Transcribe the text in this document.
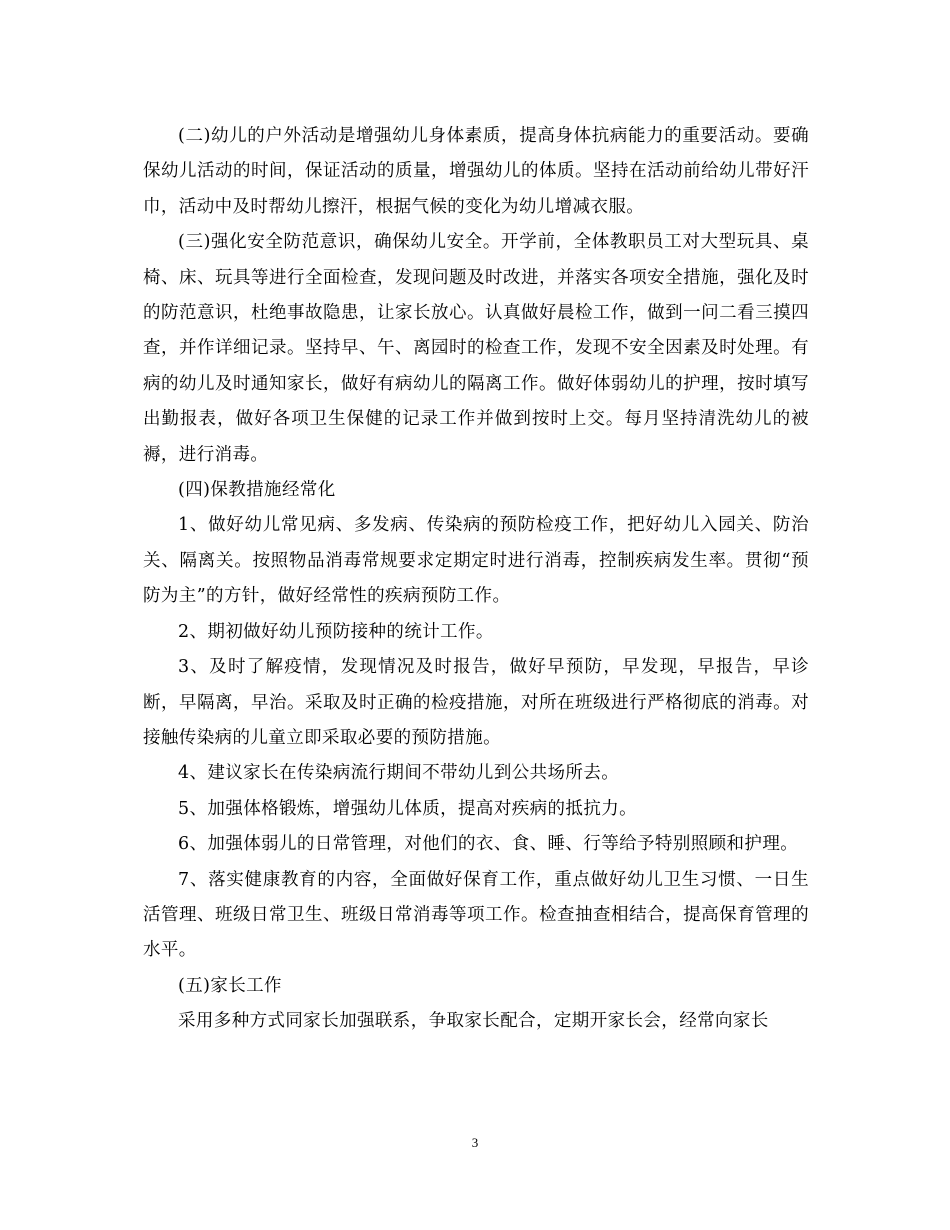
(二)幼儿的户外活动是增强幼儿身体素质，提高身体抗病能力的重要活动。要确保幼儿活动的时间，保证活动的质量，增强幼儿的体质。坚持在活动前给幼儿带好汗巾，活动中及时帮幼儿擦汗，根据气候的变化为幼儿增减衣服。

(三)强化安全防范意识，确保幼儿安全。开学前，全体教职员工对大型玩具、桌椅、床、玩具等进行全面检查，发现问题及时改进，并落实各项安全措施，强化及时的防范意识，杜绝事故隐患，让家长放心。认真做好晨检工作，做到一问二看三摸四查，并作详细记录。坚持早、午、离园时的检查工作，发现不安全因素及时处理。有病的幼儿及时通知家长，做好有病幼儿的隔离工作。做好体弱幼儿的护理，按时填写出勤报表，做好各项卫生保健的记录工作并做到按时上交。每月坚持清洗幼儿的被褥，进行消毒。

(四)保教措施经常化

1、做好幼儿常见病、多发病、传染病的预防检疫工作，把好幼儿入园关、防治关、隔离关。按照物品消毒常规要求定期定时进行消毒，控制疾病发生率。贯彻“预防为主”的方针，做好经常性的疾病预防工作。

2、期初做好幼儿预防接种的统计工作。

3、及时了解疫情，发现情况及时报告，做好早预防，早发现，早报告，早诊断，早隔离，早治。采取及时正确的检疫措施，对所在班级进行严格彻底的消毒。对接触传染病的儿童立即采取必要的预防措施。

4、建议家长在传染病流行期间不带幼儿到公共场所去。

5、加强体格锻炼，增强幼儿体质，提高对疾病的抵抗力。

6、加强体弱儿的日常管理，对他们的衣、食、睡、行等给予特别照顾和护理。

7、落实健康教育的内容，全面做好保育工作，重点做好幼儿卫生习惯、一日生活管理、班级日常卫生、班级日常消毒等项工作。检查抽查相结合，提高保育管理的水平。

(五)家长工作

采用多种方式同家长加强联系，争取家长配合，定期开家长会，经常向家长

3
